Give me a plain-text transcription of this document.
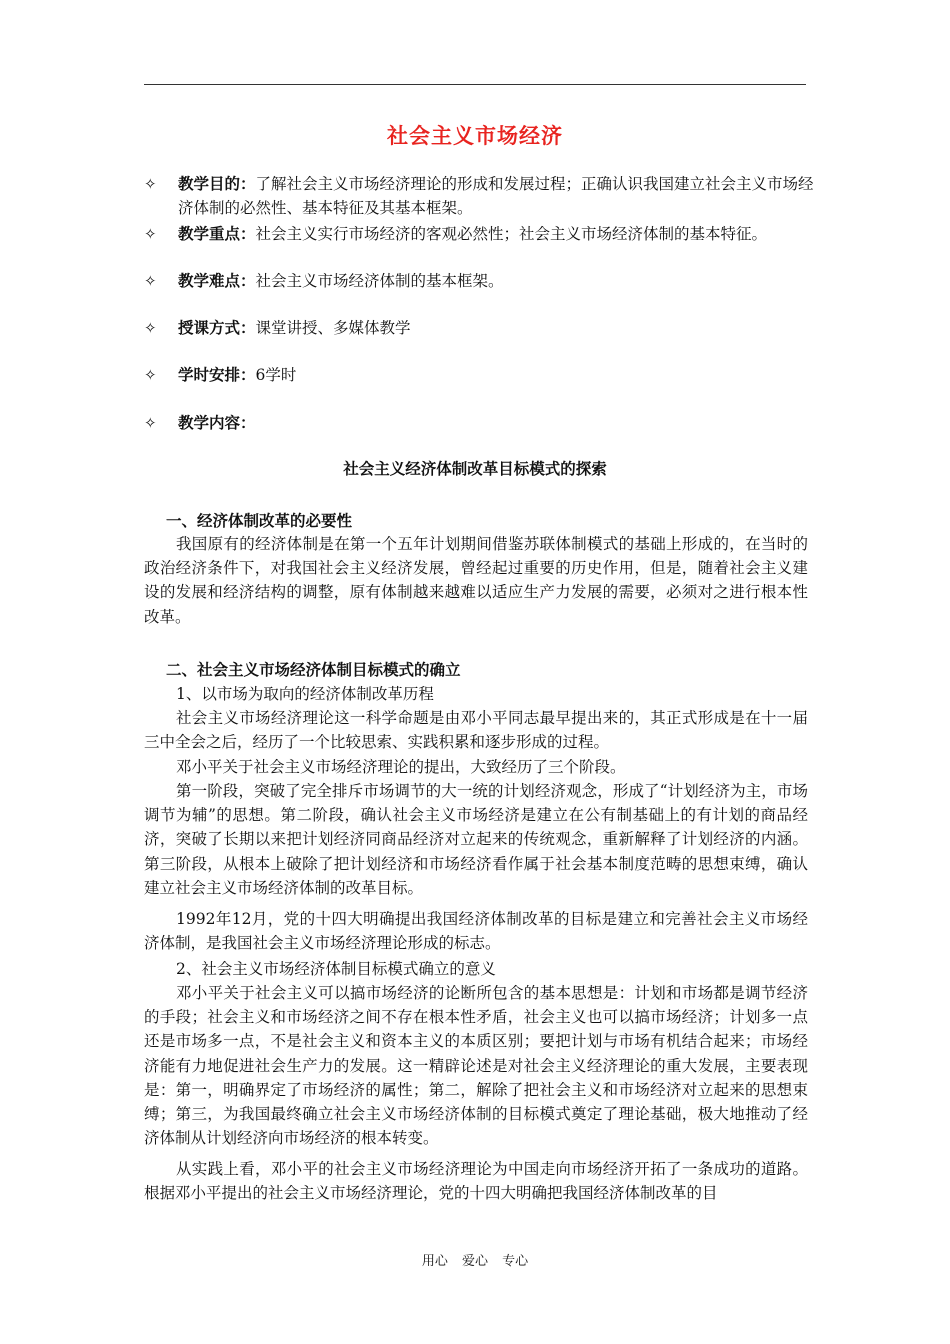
社会主义市场经济
✧	教学目的：了解社会主义市场经济理论的形成和发展过程；正确认识我国建立社会主义市场经济体制的必然性、基本特征及其基本框架。
✧	教学重点：社会主义实行市场经济的客观必然性；社会主义市场经济体制的基本特征。
✧	教学难点：社会主义市场经济体制的基本框架。
✧	授课方式：课堂讲授、多媒体教学
✧	学时安排：6学时
✧	教学内容：
社会主义经济体制改革目标模式的探索
一、经济体制改革的必要性
我国原有的经济体制是在第一个五年计划期间借鉴苏联体制模式的基础上形成的，在当时的政治经济条件下，对我国社会主义经济发展，曾经起过重要的历史作用，但是，随着社会主义建设的发展和经济结构的调整，原有体制越来越难以适应生产力发展的需要，必须对之进行根本性改革。
二、社会主义市场经济体制目标模式的确立
1、以市场为取向的经济体制改革历程
社会主义市场经济理论这一科学命题是由邓小平同志最早提出来的，其正式形成是在十一届三中全会之后，经历了一个比较思索、实践积累和逐步形成的过程。
邓小平关于社会主义市场经济理论的提出，大致经历了三个阶段。
第一阶段，突破了完全排斥市场调节的大一统的计划经济观念，形成了“计划经济为主，市场调节为辅”的思想。第二阶段，确认社会主义市场经济是建立在公有制基础上的有计划的商品经济，突破了长期以来把计划经济同商品经济对立起来的传统观念，重新解释了计划经济的内涵。第三阶段，从根本上破除了把计划经济和市场经济看作属于社会基本制度范畴的思想束缚，确认建立社会主义市场经济体制的改革目标。
1992年12月，党的十四大明确提出我国经济体制改革的目标是建立和完善社会主义市场经济体制，是我国社会主义市场经济理论形成的标志。
2、社会主义市场经济体制目标模式确立的意义
邓小平关于社会主义可以搞市场经济的论断所包含的基本思想是：计划和市场都是调节经济的手段；社会主义和市场经济之间不存在根本性矛盾，社会主义也可以搞市场经济；计划多一点还是市场多一点，不是社会主义和资本主义的本质区别；要把计划与市场有机结合起来；市场经济能有力地促进社会生产力的发展。这一精辟论述是对社会主义经济理论的重大发展，主要表现是：第一，明确界定了市场经济的属性；第二，解除了把社会主义和市场经济对立起来的思想束缚；第三，为我国最终确立社会主义市场经济体制的目标模式奠定了理论基础，极大地推动了经济体制从计划经济向市场经济的根本转变。
从实践上看，邓小平的社会主义市场经济理论为中国走向市场经济开拓了一条成功的道路。根据邓小平提出的社会主义市场经济理论，党的十四大明确把我国经济体制改革的目
用心 爱心 专心
